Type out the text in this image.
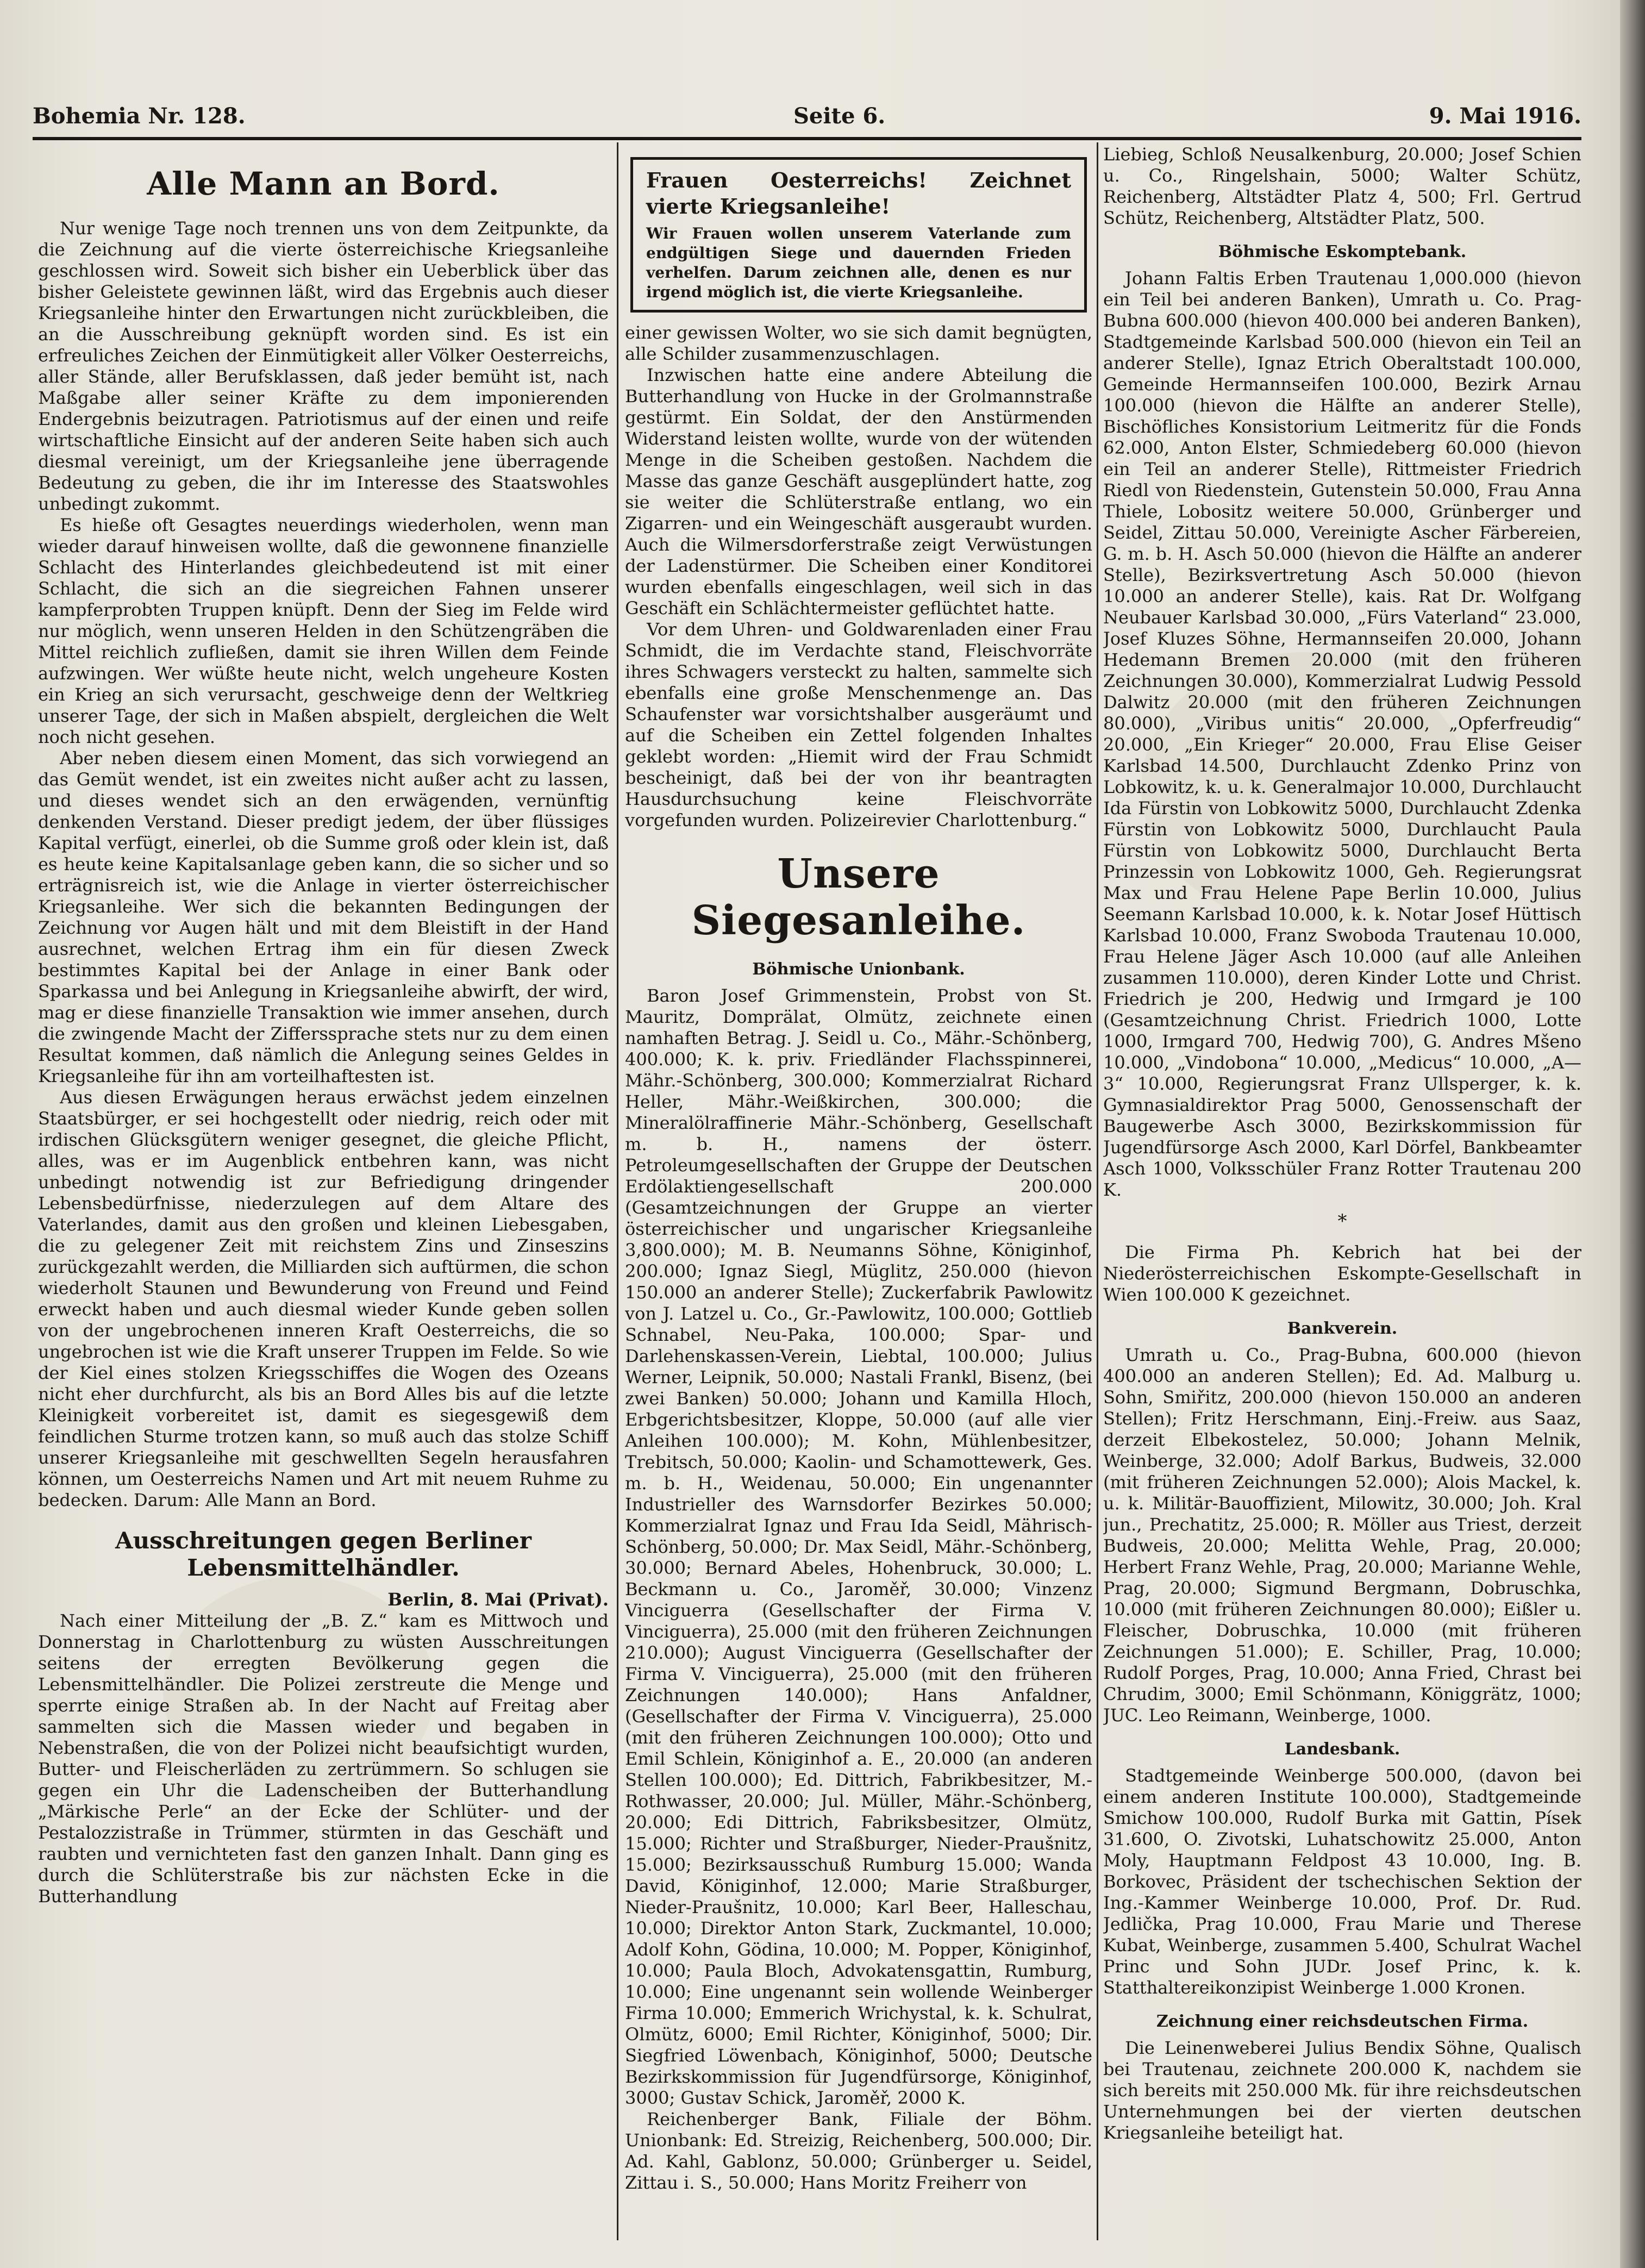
Bohemia Nr. 128.	Seite 6.	9. Mai 1916.
Alle Mann an Bord.

Nur wenige Tage noch trennen uns von dem Zeitpunkte, da die Zeichnung auf die vierte österreichische Kriegsanleihe geschlossen wird. Soweit sich bisher ein Ueberblick über das bisher Geleistete gewinnen läßt, wird das Ergebnis auch dieser Kriegsanleihe hinter den Erwartungen nicht zurückbleiben, die an die Ausschreibung geknüpft worden sind. Es ist ein erfreuliches Zeichen der Einmütigkeit aller Völker Oesterreichs, aller Stände, aller Berufsklassen, daß jeder bemüht ist, nach Maßgabe aller seiner Kräfte zu dem imponierenden Endergebnis beizutragen. Patriotismus auf der einen und reife wirtschaftliche Einsicht auf der anderen Seite haben sich auch diesmal vereinigt, um der Kriegsanleihe jene überragende Bedeutung zu geben, die ihr im Interesse des Staatswohles unbedingt zukommt.

Es hieße oft Gesagtes neuerdings wiederholen, wenn man wieder darauf hinweisen wollte, daß die gewonnene finanzielle Schlacht des Hinterlandes gleichbedeutend ist mit einer Schlacht, die sich an die siegreichen Fahnen unserer kampferprobten Truppen knüpft. Denn der Sieg im Felde wird nur möglich, wenn unseren Helden in den Schützengräben die Mittel reichlich zufließen, damit sie ihren Willen dem Feinde aufzwingen. Wer wüßte heute nicht, welch ungeheure Kosten ein Krieg an sich verursacht, geschweige denn der Weltkrieg unserer Tage, der sich in Maßen abspielt, dergleichen die Welt noch nicht gesehen.

Aber neben diesem einen Moment, das sich vorwiegend an das Gemüt wendet, ist ein zweites nicht außer acht zu lassen, und dieses wendet sich an den erwägenden, vernünftig denkenden Verstand. Dieser predigt jedem, der über flüssiges Kapital verfügt, einerlei, ob die Summe groß oder klein ist, daß es heute keine Kapitalsanlage geben kann, die so sicher und so erträgnisreich ist, wie die Anlage in vierter österreichischer Kriegsanleihe. Wer sich die bekannten Bedingungen der Zeichnung vor Augen hält und mit dem Bleistift in der Hand ausrechnet, welchen Ertrag ihm ein für diesen Zweck bestimmtes Kapital bei der Anlage in einer Bank oder Sparkassa und bei Anlegung in Kriegsanleihe abwirft, der wird, mag er diese finanzielle Transaktion wie immer ansehen, durch die zwingende Macht der Zifferssprache stets nur zu dem einen Resultat kommen, daß nämlich die Anlegung seines Geldes in Kriegsanleihe für ihn am vorteilhaftesten ist.

Aus diesen Erwägungen heraus erwächst jedem einzelnen Staatsbürger, er sei hochgestellt oder niedrig, reich oder mit irdischen Glücksgütern weniger gesegnet, die gleiche Pflicht, alles, was er im Augenblick entbehren kann, was nicht unbedingt notwendig ist zur Befriedigung dringender Lebensbedürfnisse, niederzulegen auf dem Altare des Vaterlandes, damit aus den großen und kleinen Liebesgaben, die zu gelegener Zeit mit reichstem Zins und Zinseszins zurückgezahlt werden, die Milliarden sich auftürmen, die schon wiederholt Staunen und Bewunderung von Freund und Feind erweckt haben und auch diesmal wieder Kunde geben sollen von der ungebrochenen inneren Kraft Oesterreichs, die so ungebrochen ist wie die Kraft unserer Truppen im Felde. So wie der Kiel eines stolzen Kriegsschiffes die Wogen des Ozeans nicht eher durchfurcht, als bis an Bord Alles bis auf die letzte Kleinigkeit vorbereitet ist, damit es siegesgewiß dem feindlichen Sturme trotzen kann, so muß auch das stolze Schiff unserer Kriegsanleihe mit geschwellten Segeln herausfahren können, um Oesterreichs Namen und Art mit neuem Ruhme zu bedecken. Darum: Alle Mann an Bord.

Ausschreitungen gegen Berliner Lebensmittelhändler.

Berlin, 8. Mai (Privat).

Nach einer Mitteilung der „B. Z.“ kam es Mittwoch und Donnerstag in Charlottenburg zu wüsten Ausschreitungen seitens der erregten Bevölkerung gegen die Lebensmittelhändler. Die Polizei zerstreute die Menge und sperrte einige Straßen ab. In der Nacht auf Freitag aber sammelten sich die Massen wieder und begaben in Nebenstraßen, die von der Polizei nicht beaufsichtigt wurden, Butter- und Fleischerläden zu zertrümmern. So schlugen sie gegen ein Uhr die Ladenscheiben der Butterhandlung „Märkische Perle“ an der Ecke der Schlüter- und der Pestalozzistraße in Trümmer, stürmten in das Geschäft und raubten und vernichteten fast den ganzen Inhalt. Dann ging es durch die Schlüterstraße bis zur nächsten Ecke in die Butterhandlung

Frauen Oesterreichs! Zeichnet vierte Kriegsanleihe!

Wir Frauen wollen unserem Vaterlande zum endgültigen Siege und dauernden Frieden verhelfen. Darum zeichnen alle, denen es nur irgend möglich ist, die vierte Kriegsanleihe.

einer gewissen Wolter, wo sie sich damit begnügten, alle Schilder zusammenzuschlagen.

Inzwischen hatte eine andere Abteilung die Butterhandlung von Hucke in der Grolmannstraße gestürmt. Ein Soldat, der den Anstürmenden Widerstand leisten wollte, wurde von der wütenden Menge in die Scheiben gestoßen. Nachdem die Masse das ganze Geschäft ausgeplündert hatte, zog sie weiter die Schlüterstraße entlang, wo ein Zigarren- und ein Weingeschäft ausgeraubt wurden. Auch die Wilmersdorferstraße zeigt Verwüstungen der Ladenstürmer. Die Scheiben einer Konditorei wurden ebenfalls eingeschlagen, weil sich in das Geschäft ein Schlächtermeister geflüchtet hatte.

Vor dem Uhren- und Goldwarenladen einer Frau Schmidt, die im Verdachte stand, Fleischvorräte ihres Schwagers versteckt zu halten, sammelte sich ebenfalls eine große Menschenmenge an. Das Schaufenster war vorsichtshalber ausgeräumt und auf die Scheiben ein Zettel folgenden Inhaltes geklebt worden: „Hiemit wird der Frau Schmidt bescheinigt, daß bei der von ihr beantragten Hausdurchsuchung keine Fleischvorräte vorgefunden wurden. Polizeirevier Charlottenburg.“

Unsere Siegesanleihe.
Böhmische Unionbank.

Baron Josef Grimmenstein, Probst von St. Mauritz, Domprälat, Olmütz, zeichnete einen namhaften Betrag. J. Seidl u. Co., Mähr.-Schönberg, 400.000; K. k. priv. Friedländer Flachsspinnerei, Mähr.-Schönberg, 300.000; Kommerzialrat Richard Heller, Mähr.-Weißkirchen, 300.000; die Mineralölraffinerie Mähr.-Schönberg, Gesellschaft m. b. H., namens der österr. Petroleumgesellschaften der Gruppe der Deutschen Erdölaktiengesellschaft 200.000 (Gesamtzeichnungen der Gruppe an vierter österreichischer und ungarischer Kriegsanleihe 3,800.000); M. B. Neumanns Söhne, Königinhof, 200.000; Ignaz Siegl, Müglitz, 250.000 (hievon 150.000 an anderer Stelle); Zuckerfabrik Pawlowitz von J. Latzel u. Co., Gr.-Pawlowitz, 100.000; Gottlieb Schnabel, Neu-Paka, 100.000; Spar- und Darlehenskassen-Verein, Liebtal, 100.000; Julius Werner, Leipnik, 50.000; Nastali Frankl, Bisenz, (bei zwei Banken) 50.000; Johann und Kamilla Hloch, Erbgerichtsbesitzer, Kloppe, 50.000 (auf alle vier Anleihen 100.000); M. Kohn, Mühlenbesitzer, Trebitsch, 50.000; Kaolin- und Schamottewerk, Ges. m. b. H., Weidenau, 50.000; Ein ungenannter Industrieller des Warnsdorfer Bezirkes 50.000; Kommerzialrat Ignaz und Frau Ida Seidl, Mährisch-Schönberg, 50.000; Dr. Max Seidl, Mähr.-Schönberg, 30.000; Bernard Abeles, Hohenbruck, 30.000; L. Beckmann u. Co., Jaroměř, 30.000; Vinzenz Vinciguerra (Gesellschafter der Firma V. Vinciguerra), 25.000 (mit den früheren Zeichnungen 210.000); August Vinciguerra (Gesellschafter der Firma V. Vinciguerra), 25.000 (mit den früheren Zeichnungen 140.000); Hans Anfaldner, (Gesellschafter der Firma V. Vinciguerra), 25.000 (mit den früheren Zeichnungen 100.000); Otto und Emil Schlein, Königinhof a. E., 20.000 (an anderen Stellen 100.000); Ed. Dittrich, Fabrikbesitzer, M.-Rothwasser, 20.000; Jul. Müller, Mähr.-Schönberg, 20.000; Edi Dittrich, Fabriksbesitzer, Olmütz, 15.000; Richter und Straßburger, Nieder-Praušnitz, 15.000; Bezirksausschuß Rumburg 15.000; Wanda David, Königinhof, 12.000; Marie Straßburger, Nieder-Praušnitz, 10.000; Karl Beer, Halleschau, 10.000; Direktor Anton Stark, Zuckmantel, 10.000; Adolf Kohn, Gödina, 10.000; M. Popper, Königinhof, 10.000; Paula Bloch, Advokatensgattin, Rumburg, 10.000; Eine ungenannt sein wollende Weinberger Firma 10.000; Emmerich Wrichystal, k. k. Schulrat, Olmütz, 6000; Emil Richter, Königinhof, 5000; Dir. Siegfried Löwenbach, Königinhof, 5000; Deutsche Bezirkskommission für Jugendfürsorge, Königinhof, 3000; Gustav Schick, Jaroměř, 2000 K.

Reichenberger Bank, Filiale der Böhm. Unionbank: Ed. Streizig, Reichenberg, 500.000; Dir. Ad. Kahl, Gablonz, 50.000; Grünberger u. Seidel, Zittau i. S., 50.000; Hans Moritz Freiherr von

Liebieg, Schloß Neusalkenburg, 20.000; Josef Schien u. Co., Ringelshain, 5000; Walter Schütz, Reichenberg, Altstädter Platz 4, 500; Frl. Gertrud Schütz, Reichenberg, Altstädter Platz, 500.

Böhmische Eskomptebank.

Johann Faltis Erben Trautenau 1,000.000 (hievon ein Teil bei anderen Banken), Umrath u. Co. Prag-Bubna 600.000 (hievon 400.000 bei anderen Banken), Stadtgemeinde Karlsbad 500.000 (hievon ein Teil an anderer Stelle), Ignaz Etrich Oberaltstadt 100.000, Gemeinde Hermannseifen 100.000, Bezirk Arnau 100.000 (hievon die Hälfte an anderer Stelle), Bischöfliches Konsistorium Leitmeritz für die Fonds 62.000, Anton Elster, Schmiedeberg 60.000 (hievon ein Teil an anderer Stelle), Rittmeister Friedrich Riedl von Riedenstein, Gutenstein 50.000, Frau Anna Thiele, Lobositz weitere 50.000, Grünberger und Seidel, Zittau 50.000, Vereinigte Ascher Färbereien, G. m. b. H. Asch 50.000 (hievon die Hälfte an anderer Stelle), Bezirksvertretung Asch 50.000 (hievon 10.000 an anderer Stelle), kais. Rat Dr. Wolfgang Neubauer Karlsbad 30.000, „Fürs Vaterland“ 23.000, Josef Kluzes Söhne, Hermannseifen 20.000, Johann Hedemann Bremen 20.000 (mit den früheren Zeichnungen 30.000), Kommerzialrat Ludwig Pessold Dalwitz 20.000 (mit den früheren Zeichnungen 80.000), „Viribus unitis“ 20.000, „Opferfreudig“ 20.000, „Ein Krieger“ 20.000, Frau Elise Geiser Karlsbad 14.500, Durchlaucht Zdenko Prinz von Lobkowitz, k. u. k. Generalmajor 10.000, Durchlaucht Ida Fürstin von Lobkowitz 5000, Durchlaucht Zdenka Fürstin von Lobkowitz 5000, Durchlaucht Paula Fürstin von Lobkowitz 5000, Durchlaucht Berta Prinzessin von Lobkowitz 1000, Geh. Regierungsrat Max und Frau Helene Pape Berlin 10.000, Julius Seemann Karlsbad 10.000, k. k. Notar Josef Hüttisch Karlsbad 10.000, Franz Swoboda Trautenau 10.000, Frau Helene Jäger Asch 10.000 (auf alle Anleihen zusammen 110.000), deren Kinder Lotte und Christ. Friedrich je 200, Hedwig und Irmgard je 100 (Gesamtzeichnung Christ. Friedrich 1000, Lotte 1000, Irmgard 700, Hedwig 700), G. Andres Mšeno 10.000, „Vindobona“ 10.000, „Medicus“ 10.000, „A—3“ 10.000, Regierungsrat Franz Ullsperger, k. k. Gymnasialdirektor Prag 5000, Genossenschaft der Baugewerbe Asch 3000, Bezirkskommission für Jugendfürsorge Asch 2000, Karl Dörfel, Bankbeamter Asch 1000, Volksschüler Franz Rotter Trautenau 200 K.

*

Die Firma Ph. Kebrich hat bei der Niederösterreichischen Eskompte-Gesellschaft in Wien 100.000 K gezeichnet.

Bankverein.

Umrath u. Co., Prag-Bubna, 600.000 (hievon 400.000 an anderen Stellen); Ed. Ad. Malburg u. Sohn, Smiřitz, 200.000 (hievon 150.000 an anderen Stellen); Fritz Herschmann, Einj.-Freiw. aus Saaz, derzeit Elbekostelez, 50.000; Johann Melnik, Weinberge, 32.000; Adolf Barkus, Budweis, 32.000 (mit früheren Zeichnungen 52.000); Alois Mackel, k. u. k. Militär-Bauoffizient, Milowitz, 30.000; Joh. Kral jun., Prechatitz, 25.000; R. Möller aus Triest, derzeit Budweis, 20.000; Melitta Wehle, Prag, 20.000; Herbert Franz Wehle, Prag, 20.000; Marianne Wehle, Prag, 20.000; Sigmund Bergmann, Dobruschka, 10.000 (mit früheren Zeichnungen 80.000); Eißler u. Fleischer, Dobruschka, 10.000 (mit früheren Zeichnungen 51.000); E. Schiller, Prag, 10.000; Rudolf Porges, Prag, 10.000; Anna Fried, Chrast bei Chrudim, 3000; Emil Schönmann, Königgrätz, 1000; JUC. Leo Reimann, Weinberge, 1000.

Landesbank.

Stadtgemeinde Weinberge 500.000, (davon bei einem anderen Institute 100.000), Stadtgemeinde Smichow 100.000, Rudolf Burka mit Gattin, Písek 31.600, O. Zivotski, Luhatschowitz 25.000, Anton Moly, Hauptmann Feldpost 43 10.000, Ing. B. Borkovec, Präsident der tschechischen Sektion der Ing.-Kammer Weinberge 10.000, Prof. Dr. Rud. Jedlička, Prag 10.000, Frau Marie und Therese Kubat, Weinberge, zusammen 5.400, Schulrat Wachel Princ und Sohn JUDr. Josef Princ, k. k. Statthaltereikonzipist Weinberge 1.000 Kronen.

Zeichnung einer reichsdeutschen Firma.

Die Leinenweberei Julius Bendix Söhne, Qualisch bei Trautenau, zeichnete 200.000 K, nachdem sie sich bereits mit 250.000 Mk. für ihre reichsdeutschen Unternehmungen bei der vierten deutschen Kriegsanleihe beteiligt hat.
